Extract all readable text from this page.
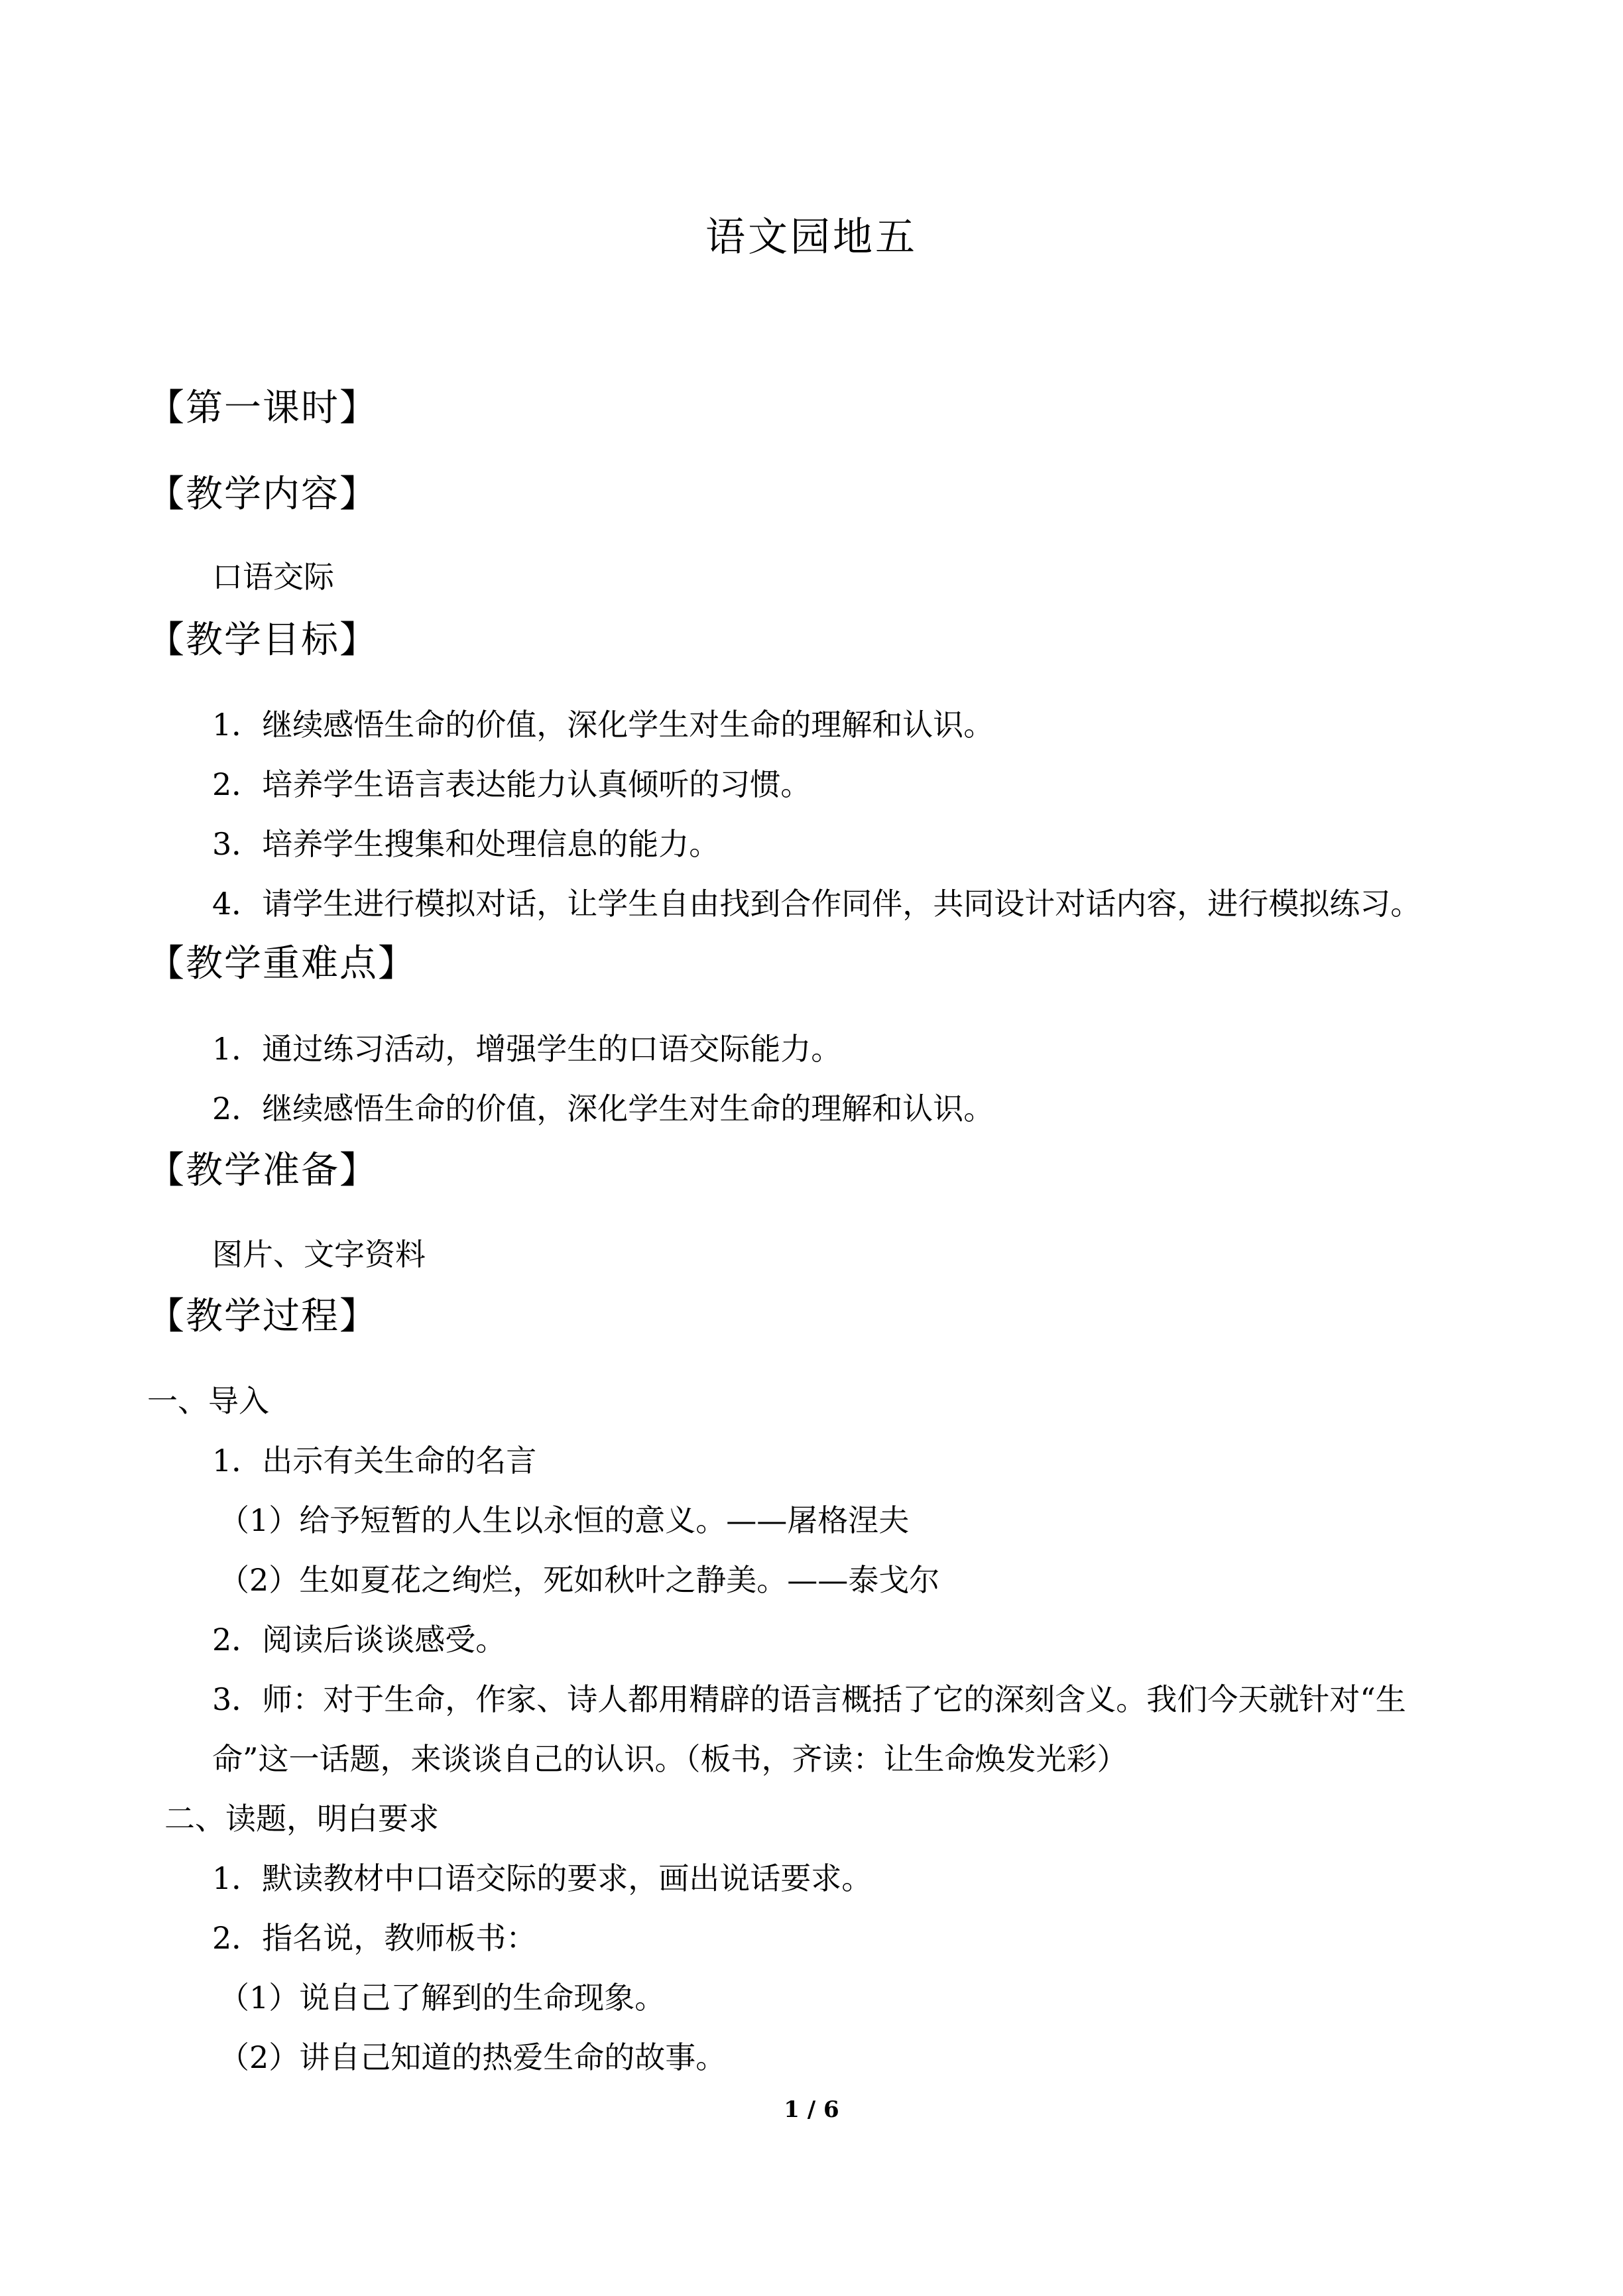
语文园地五
【第一课时】
【教学内容】
口语交际
【教学目标】
1．继续感悟生命的价值，深化学生对生命的理解和认识。
2．培养学生语言表达能力认真倾听的习惯。
3．培养学生搜集和处理信息的能力。
4．请学生进行模拟对话，让学生自由找到合作同伴，共同设计对话内容，进行模拟练习。
【教学重难点】
1．通过练习活动，增强学生的口语交际能力。
2．继续感悟生命的价值，深化学生对生命的理解和认识。
【教学准备】
图片、文字资料
【教学过程】
一、导入
1．出示有关生命的名言
（1）给予短暂的人生以永恒的意义。——屠格涅夫
（2）生如夏花之绚烂，死如秋叶之静美。——泰戈尔
2．阅读后谈谈感受。
3．师：对于生命，作家、诗人都用精辟的语言概括了它的深刻含义。我们今天就针对“生
命”这一话题，来谈谈自己的认识。（板书，齐读：让生命焕发光彩）
二、读题，明白要求
1．默读教材中口语交际的要求，画出说话要求。
2．指名说，教师板书：
（1）说自己了解到的生命现象。
（2）讲自己知道的热爱生命的故事。
1 / 6
